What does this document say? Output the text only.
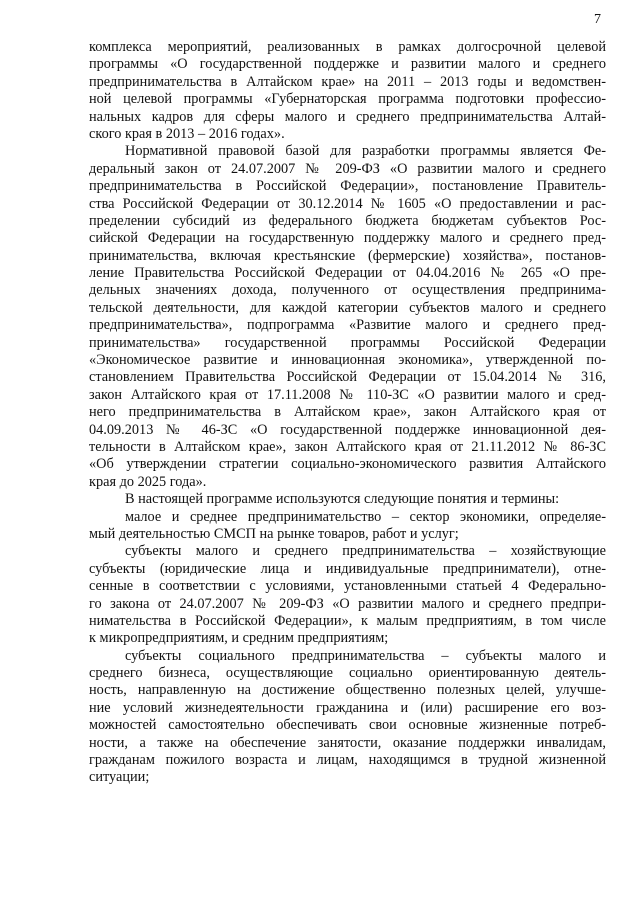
7
комплекса мероприятий, реализованных в рамках долгосрочной целевой
программы «О государственной поддержке и развитии малого и среднего
предпринимательства в Алтайском крае» на 2011 – 2013 годы и ведомствен-
ной целевой программы «Губернаторская программа подготовки профессио-
нальных кадров для сферы малого и среднего предпринимательства Алтай-
ского края в 2013 – 2016 годах».
Нормативной правовой базой для разработки программы является Фе-
деральный закон от 24.07.2007 № 209-ФЗ «О развитии малого и среднего
предпринимательства в Российской Федерации», постановление Правитель-
ства Российской Федерации от 30.12.2014 № 1605 «О предоставлении и рас-
пределении субсидий из федерального бюджета бюджетам субъектов Рос-
сийской Федерации на государственную поддержку малого и среднего пред-
принимательства, включая крестьянские (фермерские) хозяйства», постанов-
ление Правительства Российской Федерации от 04.04.2016 № 265 «О пре-
дельных значениях дохода, полученного от осуществления предпринима-
тельской деятельности, для каждой категории субъектов малого и среднего
предпринимательства», подпрограмма «Развитие малого и среднего пред-
принимательства» государственной программы Российской Федерации
«Экономическое развитие и инновационная экономика», утвержденной по-
становлением Правительства Российской Федерации от 15.04.2014 № 316,
закон Алтайского края от 17.11.2008 № 110-ЗС «О развитии малого и сред-
него предпринимательства в Алтайском крае», закон Алтайского края от
04.09.2013 № 46-ЗС «О государственной поддержке инновационной дея-
тельности в Алтайском крае», закон Алтайского края от 21.11.2012 № 86-ЗС
«Об утверждении стратегии социально-экономического развития Алтайского
края до 2025 года».
В настоящей программе используются следующие понятия и термины:
малое и среднее предпринимательство – сектор экономики, определяе-
мый деятельностью СМСП на рынке товаров, работ и услуг;
субъекты малого и среднего предпринимательства – хозяйствующие
субъекты (юридические лица и индивидуальные предприниматели), отне-
сенные в соответствии с условиями, установленными статьей 4 Федерально-
го закона от 24.07.2007 № 209-ФЗ «О развитии малого и среднего предпри-
нимательства в Российской Федерации», к малым предприятиям, в том числе
к микропредприятиям, и средним предприятиям;
субъекты социального предпринимательства – субъекты малого и
среднего бизнеса, осуществляющие социально ориентированную деятель-
ность, направленную на достижение общественно полезных целей, улучше-
ние условий жизнедеятельности гражданина и (или) расширение его воз-
можностей самостоятельно обеспечивать свои основные жизненные потреб-
ности, а также на обеспечение занятости, оказание поддержки инвалидам,
гражданам пожилого возраста и лицам, находящимся в трудной жизненной
ситуации;
